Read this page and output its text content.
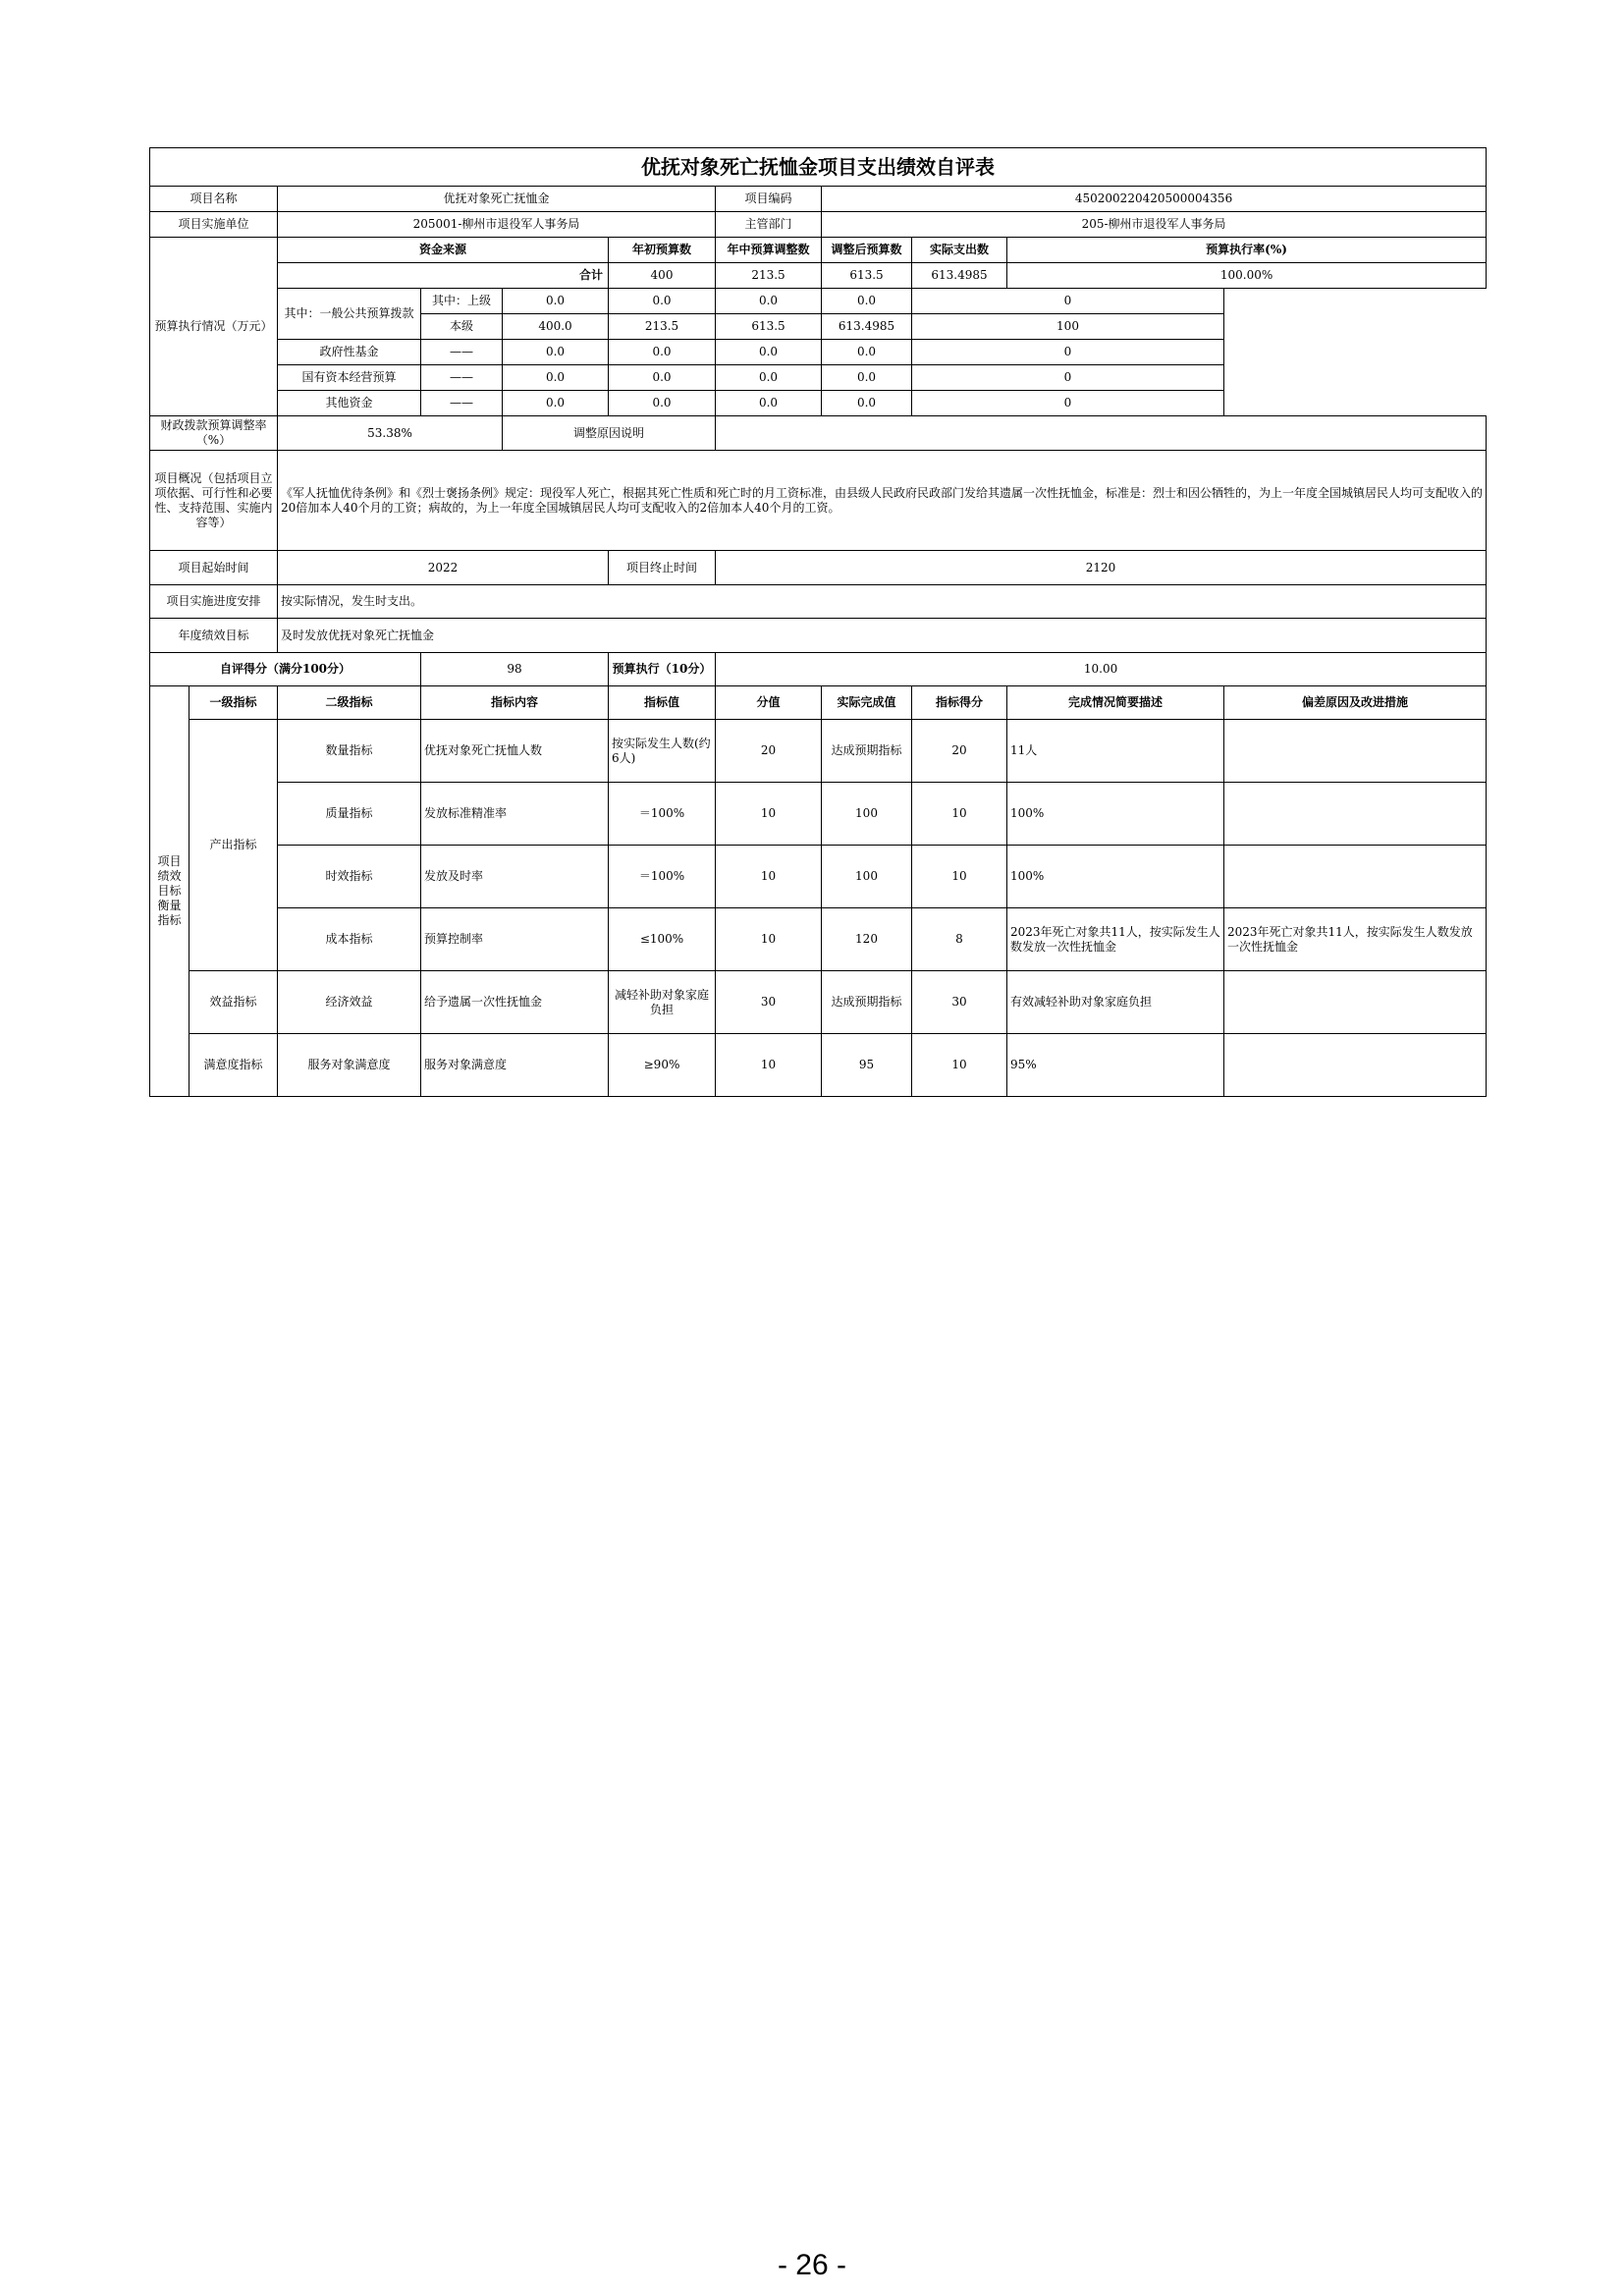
优抚对象死亡抚恤金项目支出绩效自评表										
项目名称		优抚对象死亡抚恤金				项目编码	450200220420500004356			
项目实施单位		205001-柳州市退役军人事务局				主管部门	205-柳州市退役军人事务局			
预算执行情况（万元）		资金来源			年初预算数	年中预算调整数	调整后预算数	实际支出数	预算执行率(%)	
		合计			400	213.5	613.5	613.4985	100.00%	
		其中：一般公共预算拨款	其中：上级	0.0	0.0	0.0	0.0	0		
			本级	400.0	213.5	613.5	613.4985	100		
		政府性基金	——	0.0	0.0	0.0	0.0	0		
		国有资本经营预算	——	0.0	0.0	0.0	0.0	0		
		其他资金	——	0.0	0.0	0.0	0.0	0		
财政拨款预算调整率（%）		53.38%		调整原因说明						
项目概况（包括项目立项依据、可行性和必要性、支持范围、实施内容等）		《军人抚恤优待条例》和《烈士褒扬条例》规定：现役军人死亡，根据其死亡性质和死亡时的月工资标准，由县级人民政府民政部门发给其遗属一次性抚恤金，标准是：烈士和因公牺牲的，为上一年度全国城镇居民人均可支配收入的20倍加本人40个月的工资；病故的，为上一年度全国城镇居民人均可支配收入的2倍加本人40个月的工资。								
项目起始时间		2022			项目终止时间	2120				
项目实施进度安排		按实际情况，发生时支出。								
年度绩效目标		及时发放优抚对象死亡抚恤金								
自评得分（满分100分）			98		预算执行（10分）	10.00				
项目绩效目标衡量指标	一级指标	二级指标	指标内容		指标值	分值	实际完成值	指标得分	完成情况简要描述	偏差原因及改进措施
	产出指标	数量指标	优抚对象死亡抚恤人数		按实际发生人数(约6人)	20	达成预期指标	20	11人	
		质量指标	发放标准精准率		＝100%	10	100	10	100%	
		时效指标	发放及时率		＝100%	10	100	10	100%	
		成本指标	预算控制率		≤100%	10	120	8	2023年死亡对象共11人，按实际发生人数发放一次性抚恤金	2023年死亡对象共11人，按实际发生人数发放一次性抚恤金
	效益指标	经济效益	给予遗属一次性抚恤金		减轻补助对象家庭负担	30	达成预期指标	30	有效减轻补助对象家庭负担	
	满意度指标	服务对象满意度	服务对象满意度		≥90%	10	95	10	95%	
- 26 -
